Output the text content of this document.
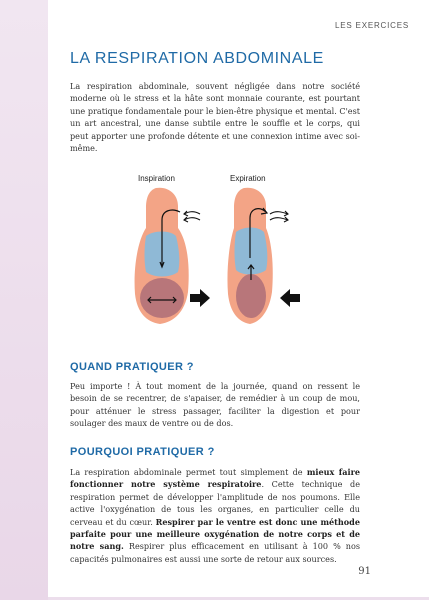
LES EXERCICES
LA RESPIRATION ABDOMINALE

La respiration abdominale, souvent négligée dans notre société moderne où le stress et la hâte sont monnaie courante, est pourtant une pratique fondamentale pour le bien-être physique et mental. C'est un art ancestral, une danse subtile entre le souffle et le corps, qui peut apporter une profonde détente et une connexion intime avec soi-même.

Inspiration	Expiration
QUAND PRATIQUER ?

Peu importe ! À tout moment de la journée, quand on ressent le besoin de se recentrer, de s'apaiser, de remédier à un coup de mou, pour atténuer le stress passager, faciliter la digestion et pour soulager des maux de ventre ou de dos.

POURQUOI PRATIQUER ?

La respiration abdominale permet tout simplement de mieux faire fonctionner notre système respiratoire. Cette technique de respiration permet de développer l'amplitude de nos poumons. Elle active l'oxygénation de tous les organes, en particulier celle du cerveau et du cœur. Respirer par le ventre est donc une méthode parfaite pour une meilleure oxygénation de notre corps et de notre sang. Respirer plus efficacement en utilisant à 100 % nos capacités pulmonaires est aussi une sorte de retour aux sources.

91
